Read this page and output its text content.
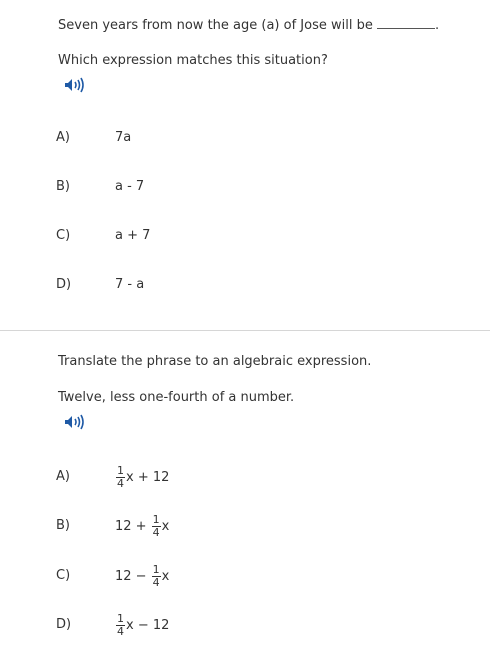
Seven years from now the age (a) of Jose will be	.
Which expression matches this situation?
A)	7a
B)	a - 7
C)	a + 7
D)	7 - a
Translate the phrase to an algebraic expression.
Twelve, less one-fourth of a number.
A)	$\frac{1}{4}$ x + 12
B)	$12 + \frac{1}{4}$ x
C)	$12 - \frac{1}{4}$ x
D)	$\frac{1}{4}$ x − 12
